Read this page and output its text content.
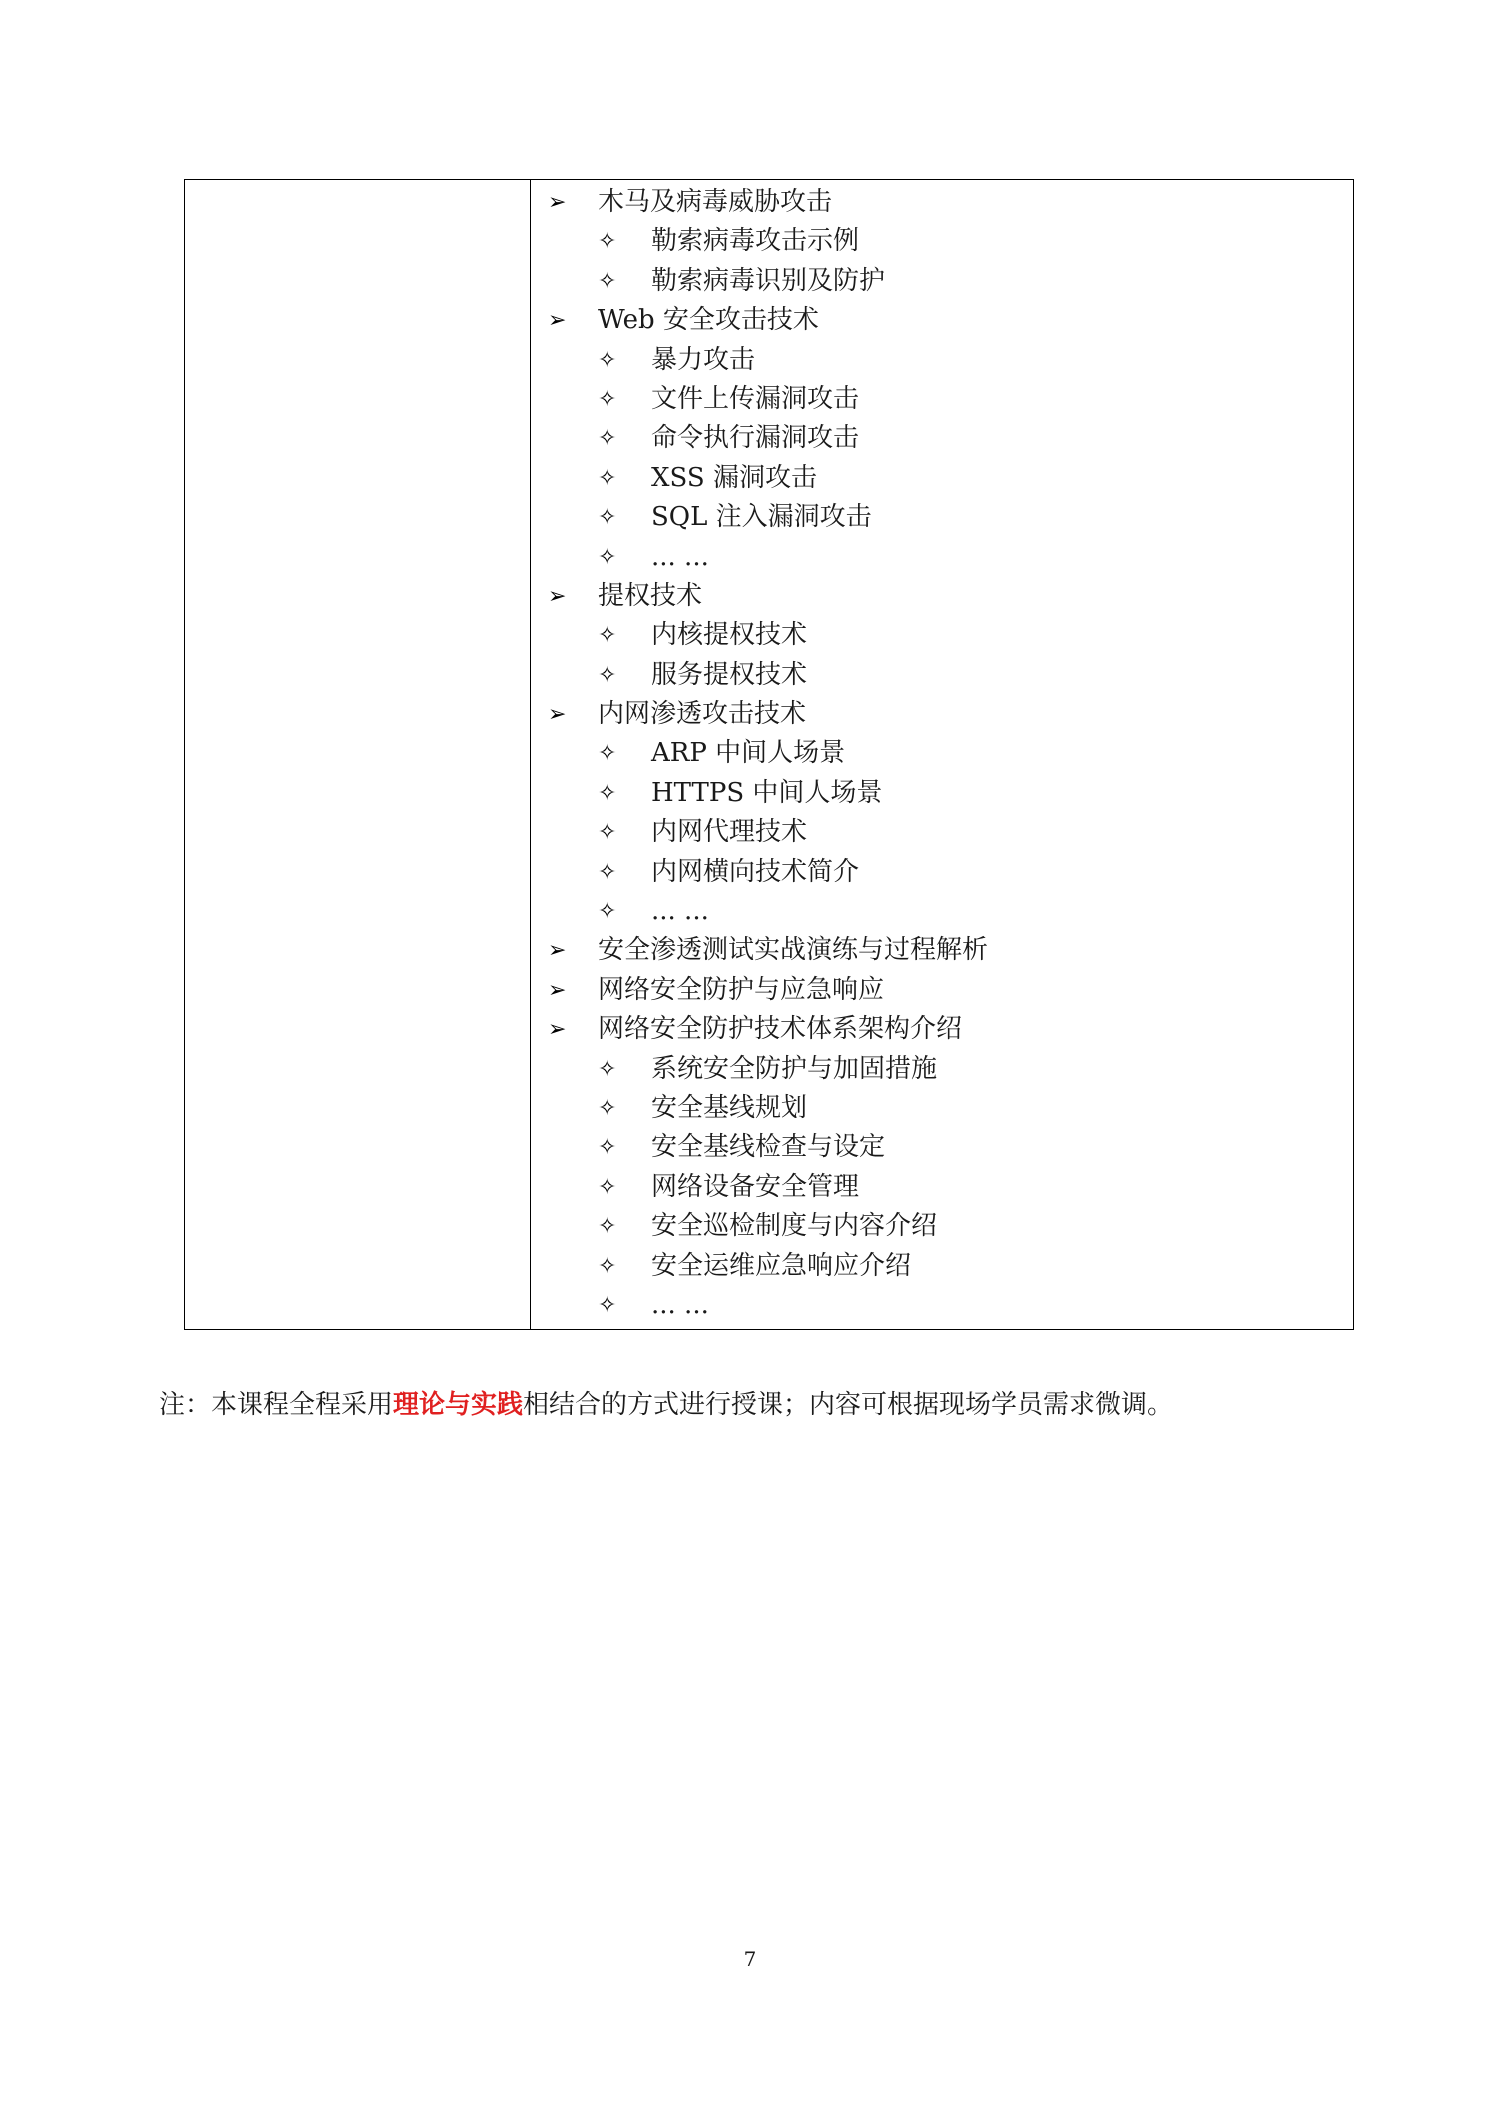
➢ 木马及病毒威胁攻击
✧ 勒索病毒攻击示例
✧ 勒索病毒识别及防护
➢ Web 安全攻击技术
✧ 暴力攻击
✧ 文件上传漏洞攻击
✧ 命令执行漏洞攻击
✧ XSS 漏洞攻击
✧ SQL 注入漏洞攻击
✧ ... ...
➢ 提权技术
✧ 内核提权技术
✧ 服务提权技术
➢ 内网渗透攻击技术
✧ ARP 中间人场景
✧ HTTPS 中间人场景
✧ 内网代理技术
✧ 内网横向技术简介
✧ ... ...
➢ 安全渗透测试实战演练与过程解析
➢ 网络安全防护与应急响应
➢ 网络安全防护技术体系架构介绍
✧ 系统安全防护与加固措施
✧ 安全基线规划
✧ 安全基线检查与设定
✧ 网络设备安全管理
✧ 安全巡检制度与内容介绍
✧ 安全运维应急响应介绍
✧ ... ...
注：本课程全程采用理论与实践相结合的方式进行授课；内容可根据现场学员需求微调。
7
